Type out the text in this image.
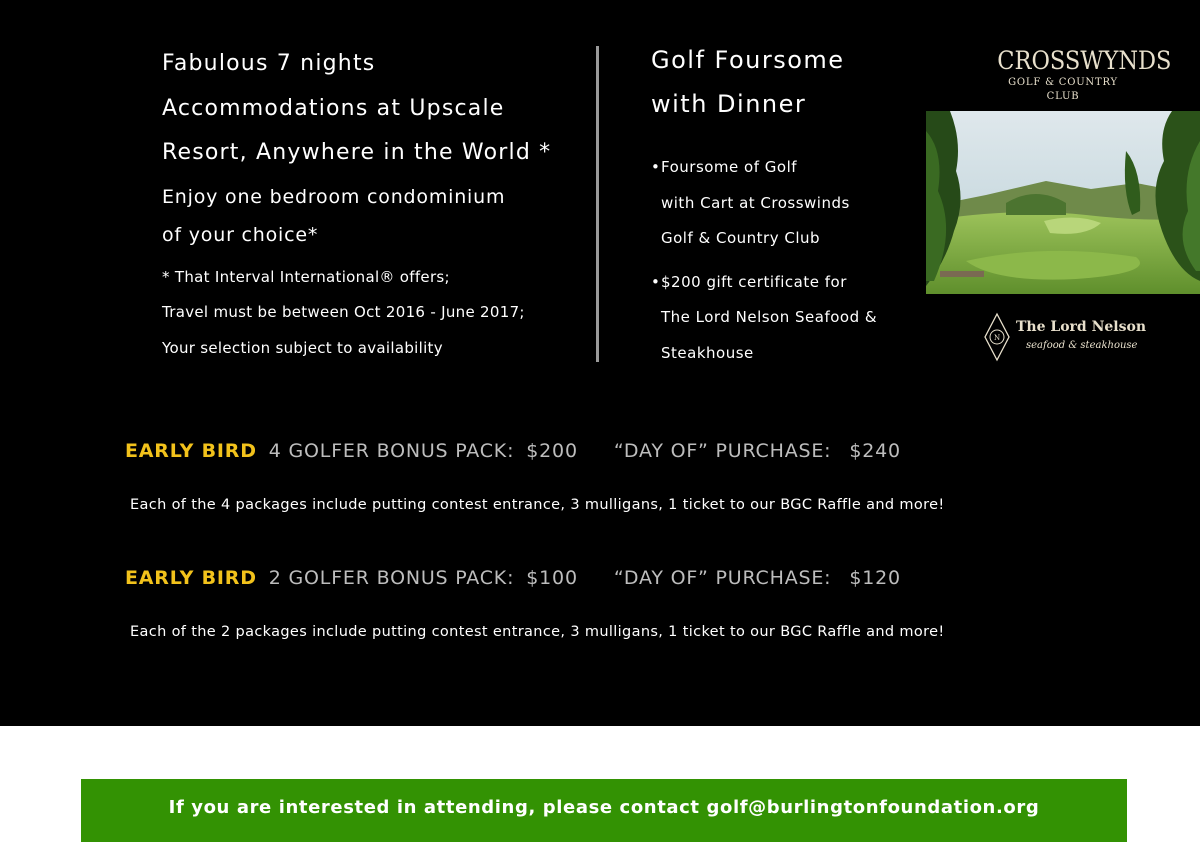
Fabulous 7 nights
Accommodations at Upscale
Resort, Anywhere in the World *
Enjoy one bedroom condominium
of your choice*
* That Interval International® offers;
Travel must be between Oct 2016 - June 2017;
Your selection subject to availability
Golf Foursome
with Dinner
• Foursome of Golf
with Cart at Crosswinds
Golf & Country Club
• $200 gift certificate for
The Lord Nelson Seafood &
Steakhouse
CROSSWYNDS
GOLF & COUNTRY CLUB
N
The Lord Nelson
seafood & steakhouse
EARLY BIRD 4 GOLFER BONUS PACK: $200 “DAY OF” PURCHASE: $240
Each of the 4 packages include putting contest entrance, 3 mulligans, 1 ticket to our BGC Raffle and more!
EARLY BIRD 2 GOLFER BONUS PACK: $100 “DAY OF” PURCHASE: $120
Each of the 2 packages include putting contest entrance, 3 mulligans, 1 ticket to our BGC Raffle and more!
If you are interested in attending, please contact golf@burlingtonfoundation.org
